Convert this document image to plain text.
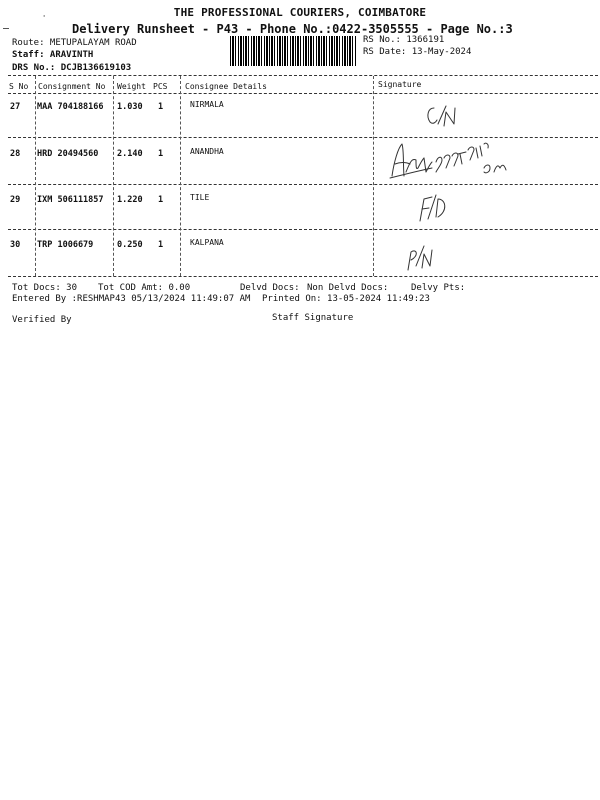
'	THE PROFESSIONAL COURIERS, COIMBATORE
Delivery Runsheet - P43 - Phone No.:0422-3505555 - Page No.:3
Route: METUPALAYAM ROAD
Staff: ARAVINTH
DRS No.: DCJB136619103
RS No.: 1366191
RS Date: 13-May-2024
S No Consignment No Weight PCS Consignee Details	Signature
27 MAA 704188166 1.030 1	NIRMALA
28 HRD 20494560 2.140 1	ANANDHA
29 IXM 506111857 1.220 1	TILE
30 TRP 1006679	0.250 1	KALPANA
Tot Docs: 30 Tot COD Amt: 0.00	Delvd Docs: Non Delvd Docs:	Delvy Pts:
Entered By :RESHMAP43 05/13/2024 11:49:07 AM Printed On: 13-05-2024 11:49:23
Verified By	Staff Signature
